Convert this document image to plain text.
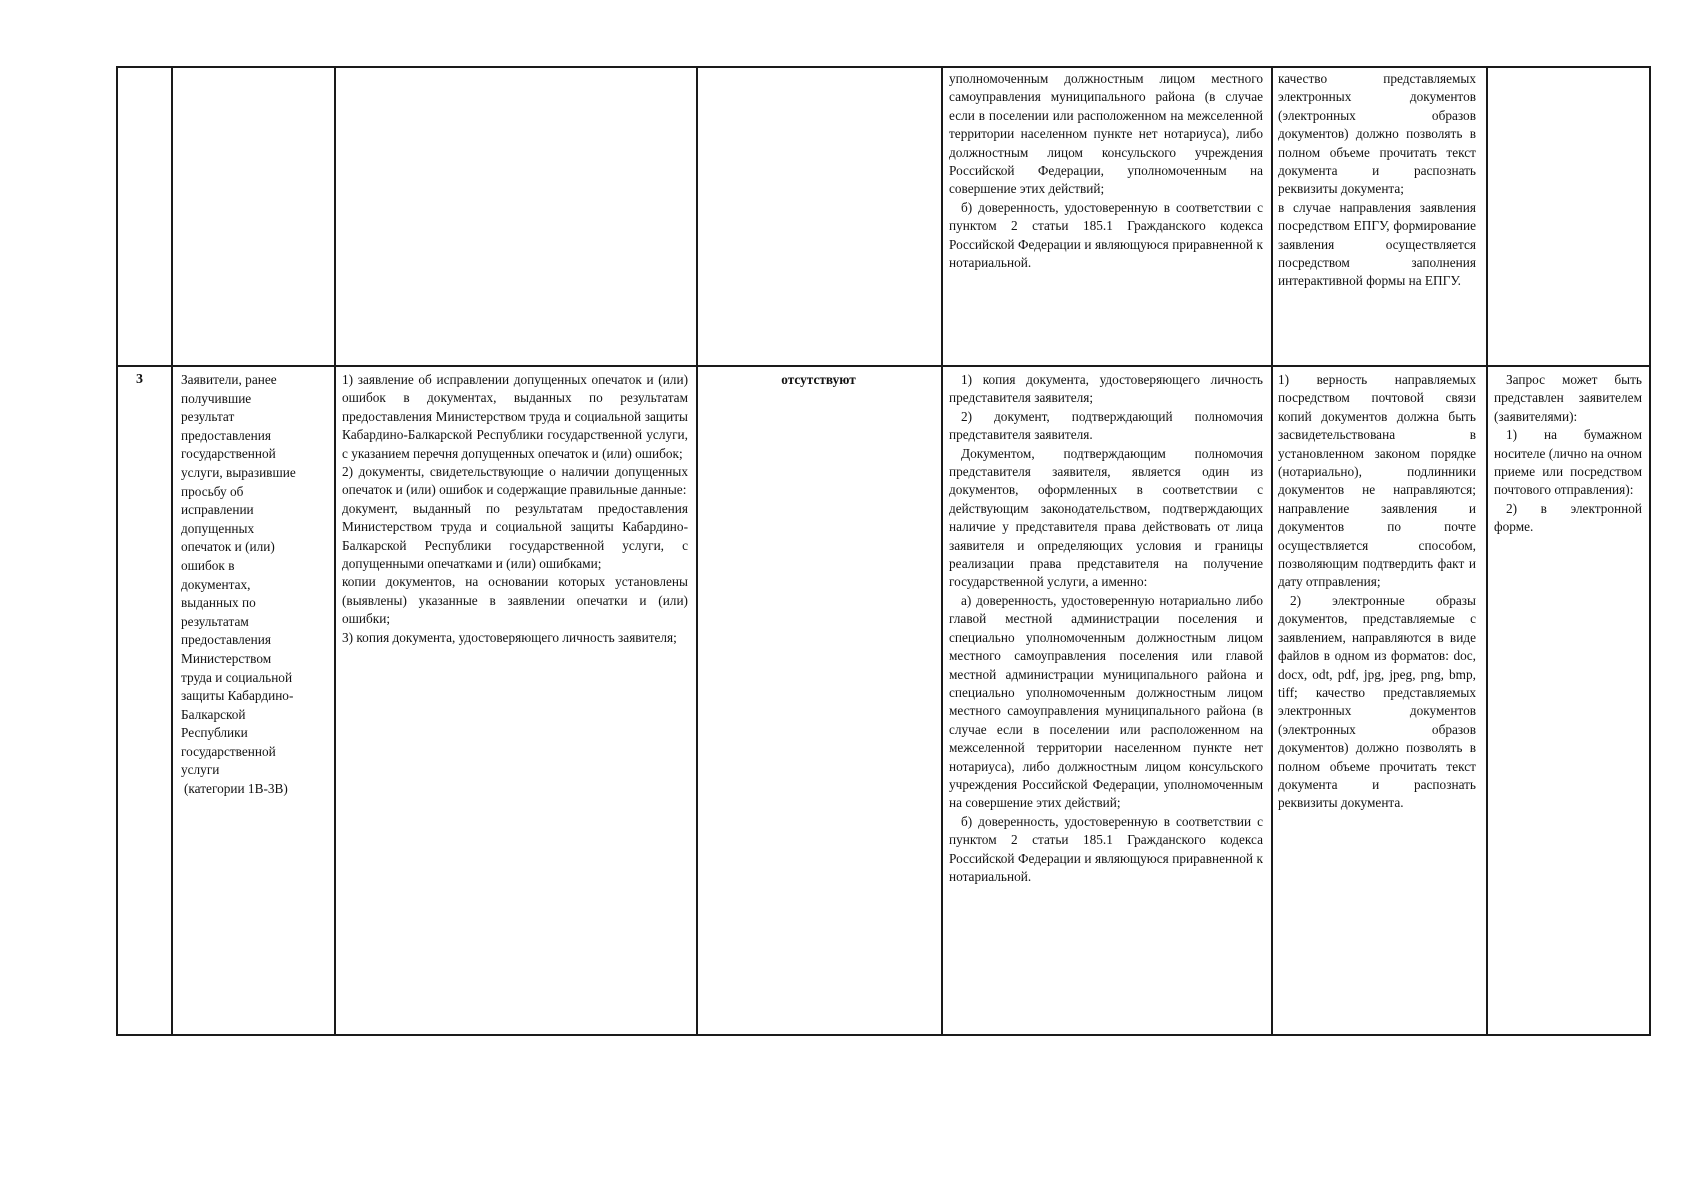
уполномоченным должностным лицом местного самоуправления муниципального района (в случае если в поселении или расположенном на межселенной территории населенном пункте нет нотариуса), либо должностным лицом консульского учреждения Российской Федерации, уполномоченным на совершение этих действий;

б) доверенность, удостоверенную в соответствии с пунктом 2 статьи 185.1 Гражданского кодекса Российской Федерации и являющуюся приравненной к нотариальной.

качество представляемых электронных документов (электронных образов документов) должно позволять в полном объеме прочитать текст документа и распознать реквизиты документа;

в случае направления заявления посредством ЕПГУ, формирование заявления осуществляется посредством заполнения интерактивной формы на ЕПГУ.

3	Заявители, ранее получившие результат предоставления государственной услуги, выразившие просьбу об исправлении допущенных опечаток и (или) ошибок в документах, выданных по результатам предоставления Министерством труда и социальной защиты Кабардино-Балкарской Республики государственной услуги

(категории 1В-3В)

1) заявление об исправлении допущенных опечаток и (или) ошибок в документах, выданных по результатам предоставления Министерством труда и социальной защиты Кабардино-Балкарской Республики государственной услуги, с указанием перечня допущенных опечаток и (или) ошибок;

2) документы, свидетельствующие о наличии допущенных опечаток и (или) ошибок и содержащие правильные данные:

документ, выданный по результатам предоставления Министерством труда и социальной защиты Кабардино-Балкарской Республики государственной услуги, с допущенными опечатками и (или) ошибками;

копии документов, на основании которых установлены (выявлены) указанные в заявлении опечатки и (или) ошибки;

3) копия документа, удостоверяющего личность заявителя;

отсутствуют	1) копия документа, удостоверяющего личность представителя заявителя;

2) документ, подтверждающий полномочия представителя заявителя.

Документом, подтверждающим полномочия представителя заявителя, является один из документов, оформленных в соответствии с действующим законодательством, подтверждающих наличие у представителя права действовать от лица заявителя и определяющих условия и границы реализации права представителя на получение государственной услуги, а именно:

а) доверенность, удостоверенную нотариально либо главой местной администрации поселения и специально уполномоченным должностным лицом местного самоуправления поселения или главой местной администрации муниципального района и специально уполномоченным должностным лицом местного самоуправления муниципального района (в случае если в поселении или расположенном на межселенной территории населенном пункте нет нотариуса), либо должностным лицом консульского учреждения Российской Федерации, уполномоченным на совершение этих действий;

б) доверенность, удостоверенную в соответствии с пунктом 2 статьи 185.1 Гражданского кодекса Российской Федерации и являющуюся приравненной к нотариальной.

1) верность направляемых посредством почтовой связи копий документов должна быть засвидетельствована в установленном законом порядке (нотариально), подлинники документов не направляются; направление заявления и документов по почте осуществляется способом, позволяющим подтвердить факт и дату отправления;

2) электронные образы документов, представляемые с заявлением, направляются в виде файлов в одном из форматов: doc, docx, odt, pdf, jpg, jpeg, png, bmp, tiff; качество представляемых электронных документов (электронных образов документов) должно позволять в полном объеме прочитать текст документа и распознать реквизиты документа.

Запрос может быть представлен заявителем (заявителями):

1) на бумажном носителе (лично на очном приеме или посредством почтового отправления):

2) в электронной форме.
